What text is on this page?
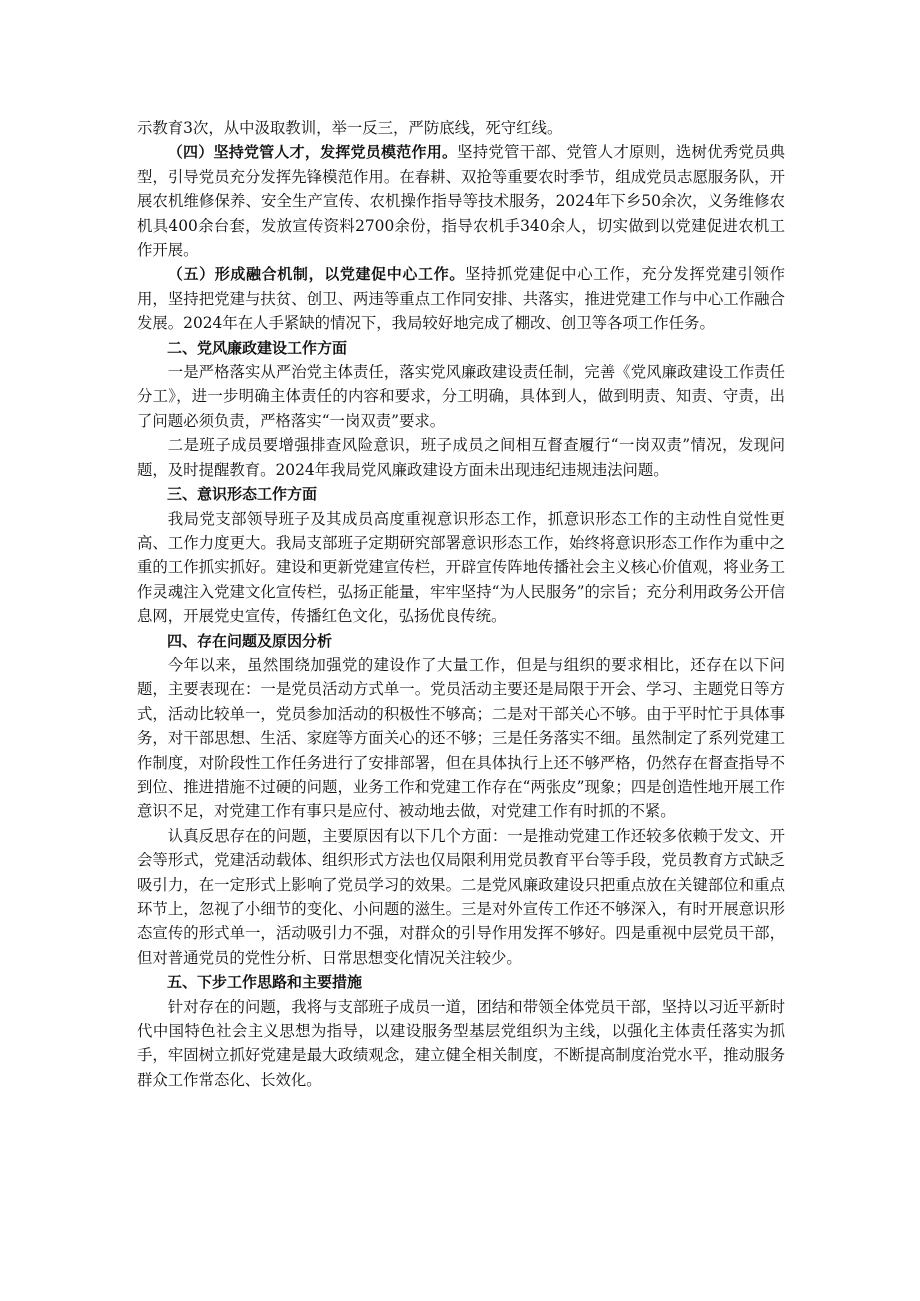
示教育3次，从中汲取教训，举一反三，严防底线，死守红线。

（四）坚持党管人才，发挥党员模范作用。坚持党管干部、党管人才原则，选树优秀党员典型，引导党员充分发挥先锋模范作用。在春耕、双抢等重要农时季节，组成党员志愿服务队，开展农机维修保养、安全生产宣传、农机操作指导等技术服务，2024年下乡50余次，义务维修农机具400余台套，发放宣传资料2700余份，指导农机手340余人，切实做到以党建促进农机工作开展。

（五）形成融合机制，以党建促中心工作。坚持抓党建促中心工作，充分发挥党建引领作用，坚持把党建与扶贫、创卫、两违等重点工作同安排、共落实，推进党建工作与中心工作融合发展。2024年在人手紧缺的情况下，我局较好地完成了棚改、创卫等各项工作任务。

二、党风廉政建设工作方面

一是严格落实从严治党主体责任，落实党风廉政建设责任制，完善《党风廉政建设工作责任分工》，进一步明确主体责任的内容和要求，分工明确，具体到人，做到明责、知责、守责，出了问题必须负责，严格落实“一岗双责”要求。

二是班子成员要增强排查风险意识，班子成员之间相互督查履行“一岗双责”情况，发现问题，及时提醒教育。2024年我局党风廉政建设方面未出现违纪违规违法问题。

三、意识形态工作方面

我局党支部领导班子及其成员高度重视意识形态工作，抓意识形态工作的主动性自觉性更高、工作力度更大。我局支部班子定期研究部署意识形态工作，始终将意识形态工作作为重中之重的工作抓实抓好。建设和更新党建宣传栏，开辟宣传阵地传播社会主义核心价值观，将业务工作灵魂注入党建文化宣传栏，弘扬正能量，牢牢坚持“为人民服务”的宗旨；充分利用政务公开信息网，开展党史宣传，传播红色文化，弘扬优良传统。

四、存在问题及原因分析

今年以来，虽然围绕加强党的建设作了大量工作，但是与组织的要求相比，还存在以下问题，主要表现在：一是党员活动方式单一。党员活动主要还是局限于开会、学习、主题党日等方式，活动比较单一，党员参加活动的积极性不够高；二是对干部关心不够。由于平时忙于具体事务，对干部思想、生活、家庭等方面关心的还不够；三是任务落实不细。虽然制定了系列党建工作制度，对阶段性工作任务进行了安排部署，但在具体执行上还不够严格，仍然存在督查指导不到位、推进措施不过硬的问题，业务工作和党建工作存在“两张皮”现象；四是创造性地开展工作意识不足，对党建工作有事只是应付、被动地去做，对党建工作有时抓的不紧。

认真反思存在的问题，主要原因有以下几个方面：一是推动党建工作还较多依赖于发文、开会等形式，党建活动载体、组织形式方法也仅局限利用党员教育平台等手段，党员教育方式缺乏吸引力，在一定形式上影响了党员学习的效果。二是党风廉政建设只把重点放在关键部位和重点环节上，忽视了小细节的变化、小问题的滋生。三是对外宣传工作还不够深入，有时开展意识形态宣传的形式单一，活动吸引力不强，对群众的引导作用发挥不够好。四是重视中层党员干部，但对普通党员的党性分析、日常思想变化情况关注较少。

五、下步工作思路和主要措施

针对存在的问题，我将与支部班子成员一道，团结和带领全体党员干部，坚持以习近平新时代中国特色社会主义思想为指导，以建设服务型基层党组织为主线，以强化主体责任落实为抓手，牢固树立抓好党建是最大政绩观念，建立健全相关制度，不断提高制度治党水平，推动服务群众工作常态化、长效化。
